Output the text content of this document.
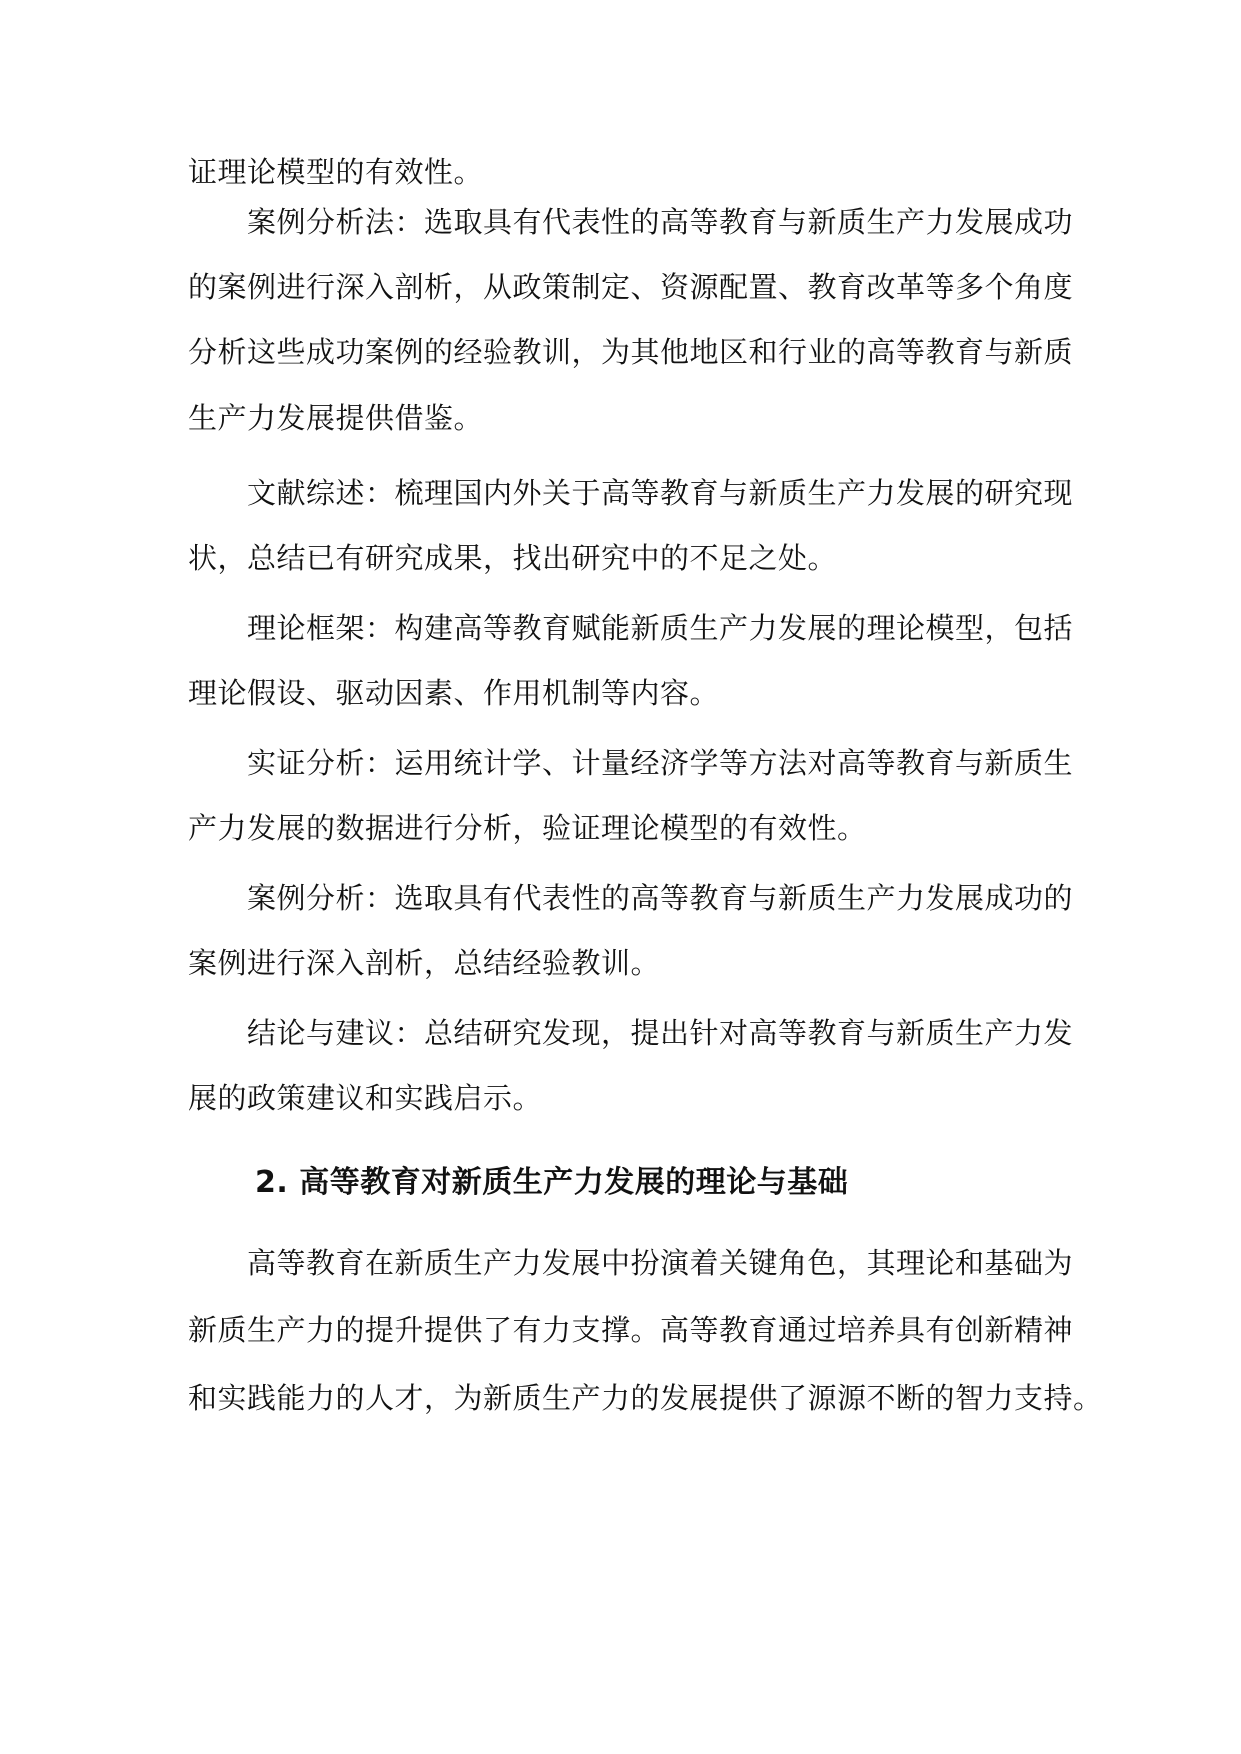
证理论模型的有效性。
案例分析法：选取具有代表性的高等教育与新质生产力发展成功
的案例进行深入剖析，从政策制定、资源配置、教育改革等多个角度
分析这些成功案例的经验教训，为其他地区和行业的高等教育与新质
生产力发展提供借鉴。
文献综述：梳理国内外关于高等教育与新质生产力发展的研究现
状，总结已有研究成果，找出研究中的不足之处。
理论框架：构建高等教育赋能新质生产力发展的理论模型，包括
理论假设、驱动因素、作用机制等内容。
实证分析：运用统计学、计量经济学等方法对高等教育与新质生
产力发展的数据进行分析，验证理论模型的有效性。
案例分析：选取具有代表性的高等教育与新质生产力发展成功的
案例进行深入剖析，总结经验教训。
结论与建议：总结研究发现，提出针对高等教育与新质生产力发
展的政策建议和实践启示。
2. 高等教育对新质生产力发展的理论与基础
高等教育在新质生产力发展中扮演着关键角色，其理论和基础为
新质生产力的提升提供了有力支撑。高等教育通过培养具有创新精神
和实践能力的人才，为新质生产力的发展提供了源源不断的智力支持。
